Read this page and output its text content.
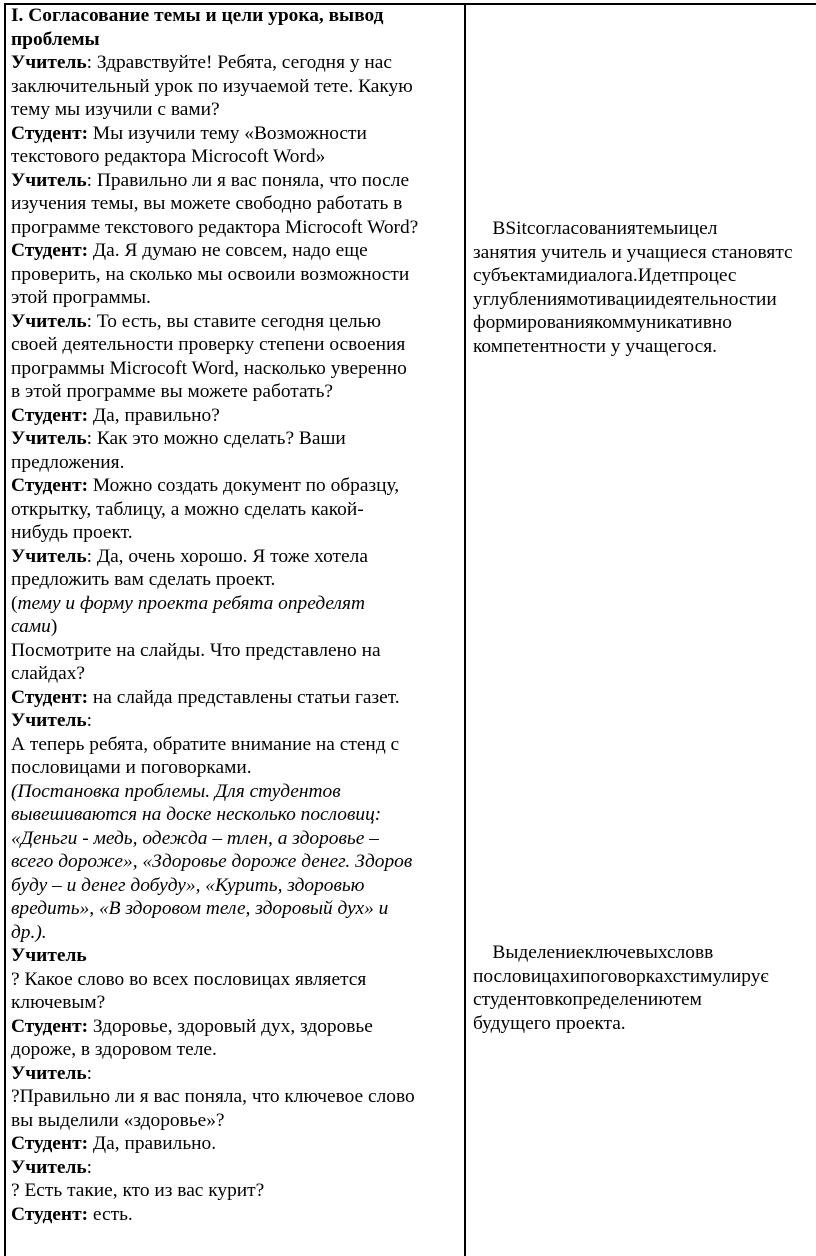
I. Согласование темы и цели урока, вывод
проблемы
Учитель: Здравствуйте! Ребята, сегодня у нас
заключительный урок по изучаемой тете. Какую
тему мы изучили с вами?
Студент: Мы изучили тему «Возможности
текстового редактора Microcoft Word»
Учитель: Правильно ли я вас поняла, что после
изучения темы, вы можете свободно работать в
программе текстового редактора Microcoft Word?
Студент: Да. Я думаю не совсем, надо еще
проверить, на сколько мы освоили возможности
этой программы.
Учитель: То есть, вы ставите сегодня целью
своей деятельности проверку степени освоения
программы Microcoft Word, насколько уверенно
в этой программе вы можете работать?
Студент: Да, правильно?
Учитель: Как это можно сделать? Ваши
предложения.
Студент: Можно создать документ по образцу,
открытку, таблицу, а можно сделать какой-
нибудь проект.
Учитель: Да, очень хорошо. Я тоже хотела
предложить вам сделать проект.
(тему и форму проекта ребята определят
сами)
Посмотрите на слайды. Что представлено на
слайдах?
Студент: на слайда представлены статьи газет.
Учитель:
А теперь ребята, обратите внимание на стенд с
пословицами и поговорками.
(Постановка проблемы. Для студентов
вывешиваются на доске несколько пословиц:
«Деньги - медь, одежда – тлен, а здоровье –
всего дороже», «Здоровье дороже денег. Здоров
буду – и денег добуду», «Курить, здоровью
вредить», «В здоровом теле, здоровый дух» и
др.).
Учитель
? Какое слово во всех пословицах является
ключевым?
Студент: Здоровье, здоровый дух, здоровье
дороже, в здоровом теле.
Учитель:
?Правильно ли я вас поняла, что ключевое слово
вы выделили «здоровье»?
Студент: Да, правильно.
Учитель:
? Есть такие, кто из вас курит?
Студент: есть.
ВSitсогласованиятемыицел
занятия учитель и учащиеся становятс
субъектамидиалога.Идетпроцес
углублениямотивациидеятельностии
формированиякоммуникативно
компетентности у учащегося.
Выделениеключевыхсловв
пословицахипоговоркахстимулирує
студентовкопределениютем
будущего проекта.
